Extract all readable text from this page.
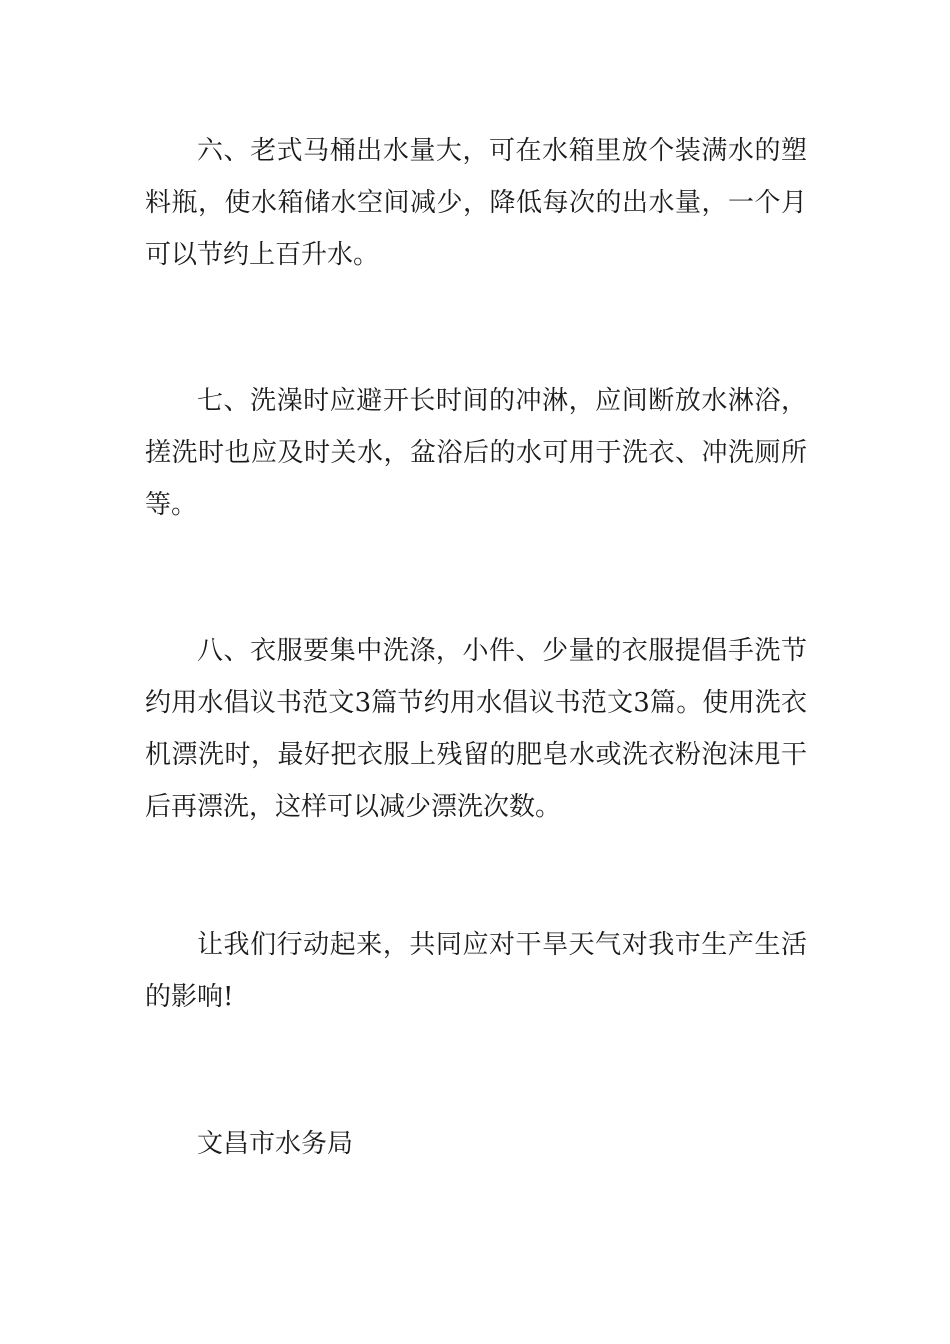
六、老式马桶出水量大，可在水箱里放个装满水的塑料瓶，使水箱储水空间减少，降低每次的出水量，一个月可以节约上百升水。

七、洗澡时应避开长时间的冲淋，应间断放水淋浴，搓洗时也应及时关水，盆浴后的水可用于洗衣、冲洗厕所等。

八、衣服要集中洗涤，小件、少量的衣服提倡手洗节约用水倡议书范文3篇节约用水倡议书范文3篇。使用洗衣机漂洗时，最好把衣服上残留的肥皂水或洗衣粉泡沫甩干后再漂洗，这样可以减少漂洗次数。

让我们行动起来，共同应对干旱天气对我市生产生活的影响!

文昌市水务局
